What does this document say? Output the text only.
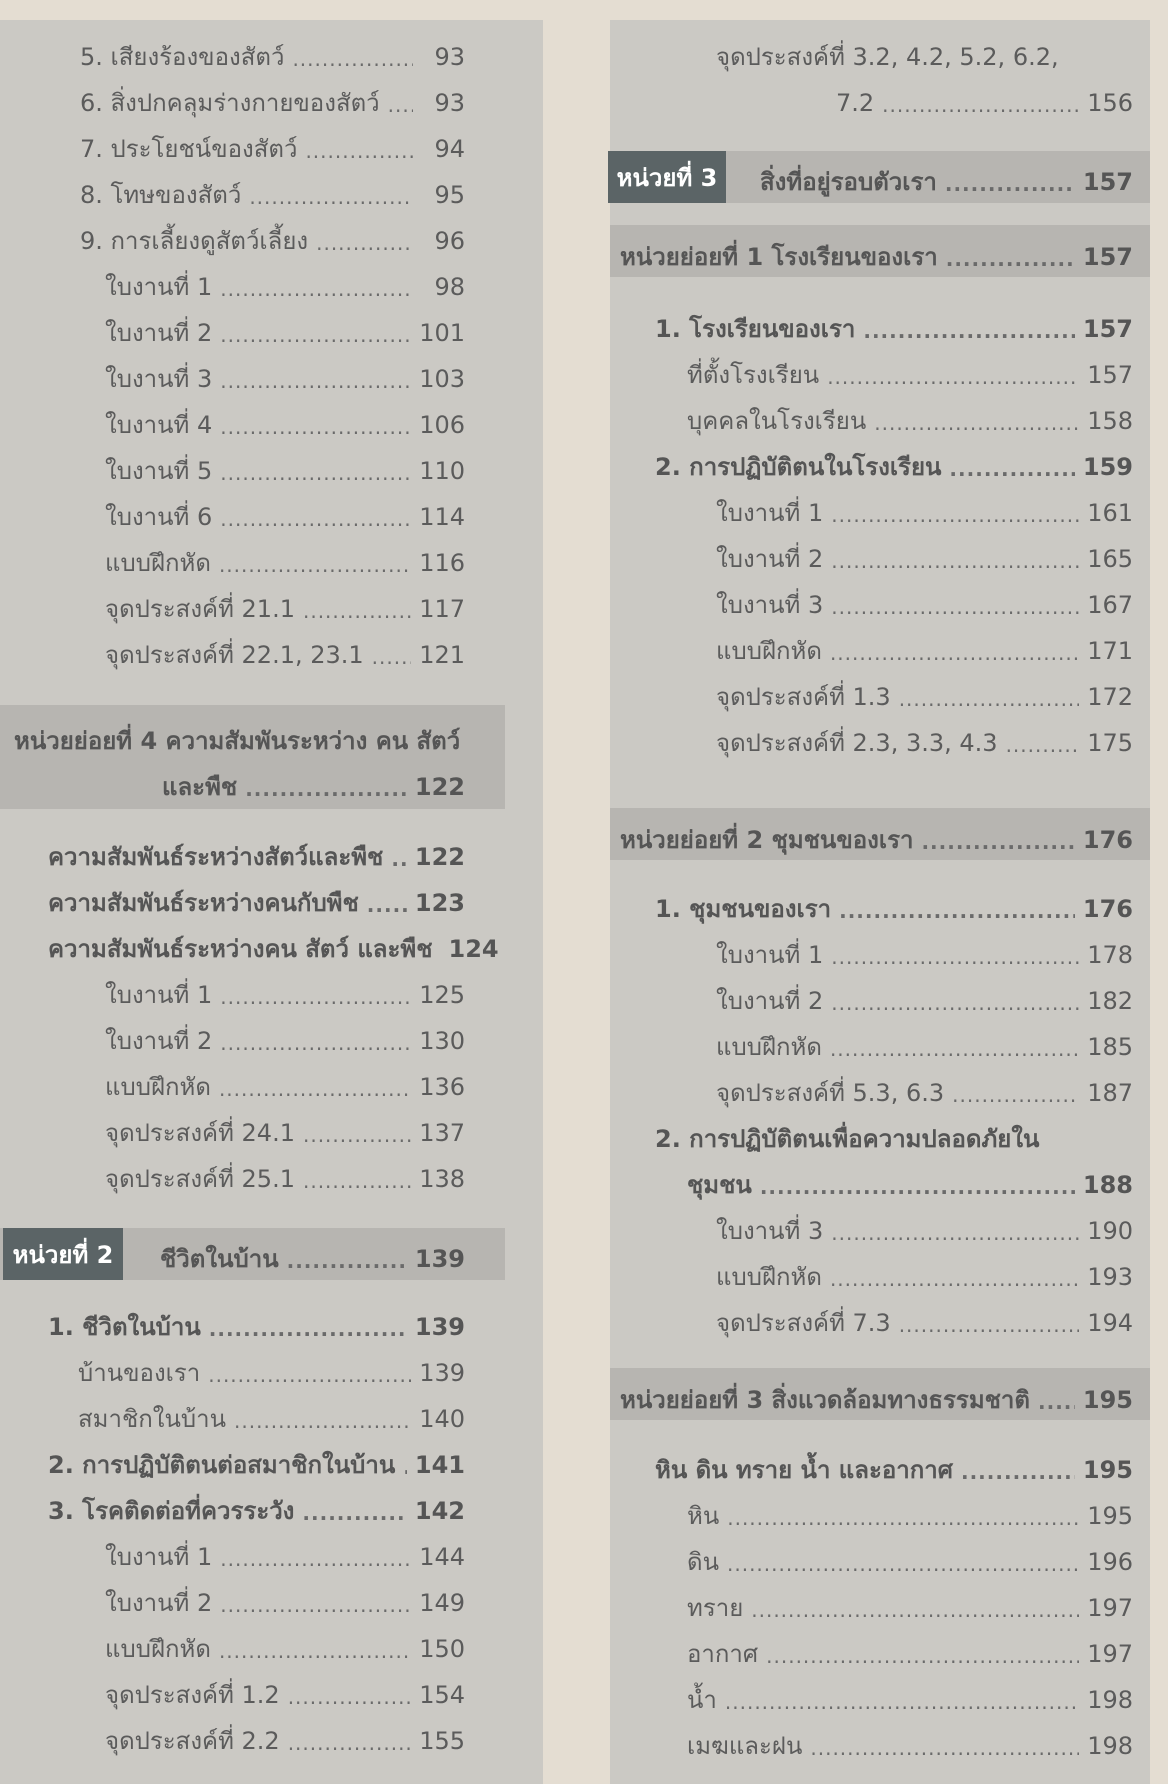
5. เสียงร้องของสัตว์ .....	93
6. สิ่งปกคลุมร่างกายของสัตว์ .....	93
7. ประโยชน์ของสัตว์ .....	94
8. โทษของสัตว์ .....	95
9. การเลี้ยงดูสัตว์เลี้ยง .....	96
ใบงานที่ 1 .....	98
ใบงานที่ 2 .....	101
ใบงานที่ 3 .....	103
ใบงานที่ 4 .....	106
ใบงานที่ 5 .....	110
ใบงานที่ 6 .....	114
แบบฝึกหัด .....	116
จุดประสงค์ที่ 21.1 .....	117
จุดประสงค์ที่ 22.1, 23.1 ..... 121
หน่วยย่อยที่ 4 ความสัมพันระหว่าง คน สัตว์
และพืช .....	122
ความสัมพันธ์ระหว่างสัตว์และพืช ..... 122
ความสัมพันธ์ระหว่างคนกับพืช ..... 123
ความสัมพันธ์ระหว่างคน สัตว์ และพืช 124
ใบงานที่ 1 .....	125
ใบงานที่ 2 .....	130
แบบฝึกหัด .....	136
จุดประสงค์ที่ 24.1 .....	137
จุดประสงค์ที่ 25.1 .....	138
หน่วยที่ 2 ชีวิตในบ้าน .....	139
1. ชีวิตในบ้าน .....	139
บ้านของเรา .....	139
สมาชิกในบ้าน .....	140
2. การปฏิบัติตนต่อสมาชิกในบ้าน ..... 141
3. โรคติดต่อที่ควรระวัง .....	142
ใบงานที่ 1 .....	144
ใบงานที่ 2 .....	149
แบบฝึกหัด .....	150
จุดประสงค์ที่ 1.2 .....	154
จุดประสงค์ที่ 2.2 .....	155
จุดประสงค์ที่ 3.2, 4.2, 5.2, 6.2,
7.2 .....	156
หน่วยที่ 3 สิ่งที่อยู่รอบตัวเรา .....	157
หน่วยย่อยที่ 1 โรงเรียนของเรา .....	157
1. โรงเรียนของเรา .....	157
ที่ตั้งโรงเรียน .....	157
บุคคลในโรงเรียน .....	158
2. การปฏิบัติตนในโรงเรียน .....	159
ใบงานที่ 1 .....	161
ใบงานที่ 2 .....	165
ใบงานที่ 3 .....	167
แบบฝึกหัด .....	171
จุดประสงค์ที่ 1.3 .....	172
จุดประสงค์ที่ 2.3, 3.3, 4.3 .....	175
หน่วยย่อยที่ 2 ชุมชนของเรา .....	176
1. ชุมชนของเรา .....	176
ใบงานที่ 1 .....	178
ใบงานที่ 2 .....	182
แบบฝึกหัด .....	185
จุดประสงค์ที่ 5.3, 6.3 .....	187
2. การปฏิบัติตนเพื่อความปลอดภัยใน
ชุมชน .....	188
ใบงานที่ 3 .....	190
แบบฝึกหัด .....	193
จุดประสงค์ที่ 7.3 .....	194
หน่วยย่อยที่ 3 สิ่งแวดล้อมทางธรรมชาติ ..... 195
หิน ดิน ทราย น้ำ และอากาศ .....	195
หิน .....	195
ดิน .....	196
ทราย .....	197
อากาศ .....	197
น้ำ .....	198
เมฆและฝน .....	198
